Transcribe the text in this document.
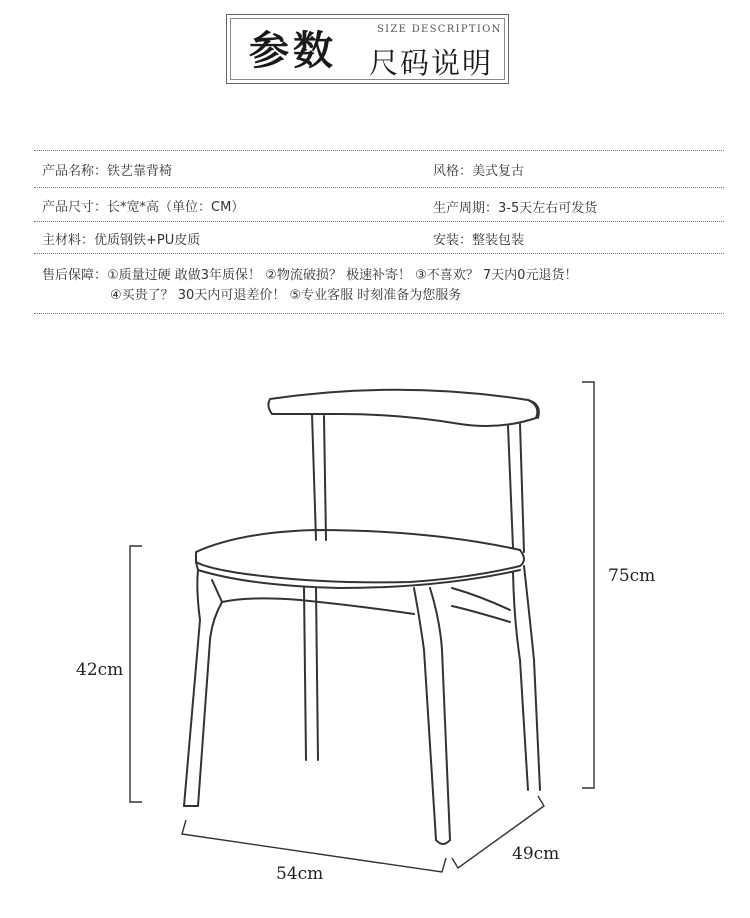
参数	SIZE DESCRIPTION
尺码说明
产品名称：铁艺靠背椅	风格：美式复古
产品尺寸：长*宽*高（单位：CM）	生产周期：3-5天左右可发货
主材料：优质钢铁+PU皮质	安装：整装包装
售后保障：①质量过硬 敢做3年质保！ ②物流破损？ 极速补寄！ ③不喜欢？ 7天内0元退货！
④买贵了？ 30天内可退差价！ ⑤专业客服 时刻准备为您服务
75cm
42cm
54cm
49cm
